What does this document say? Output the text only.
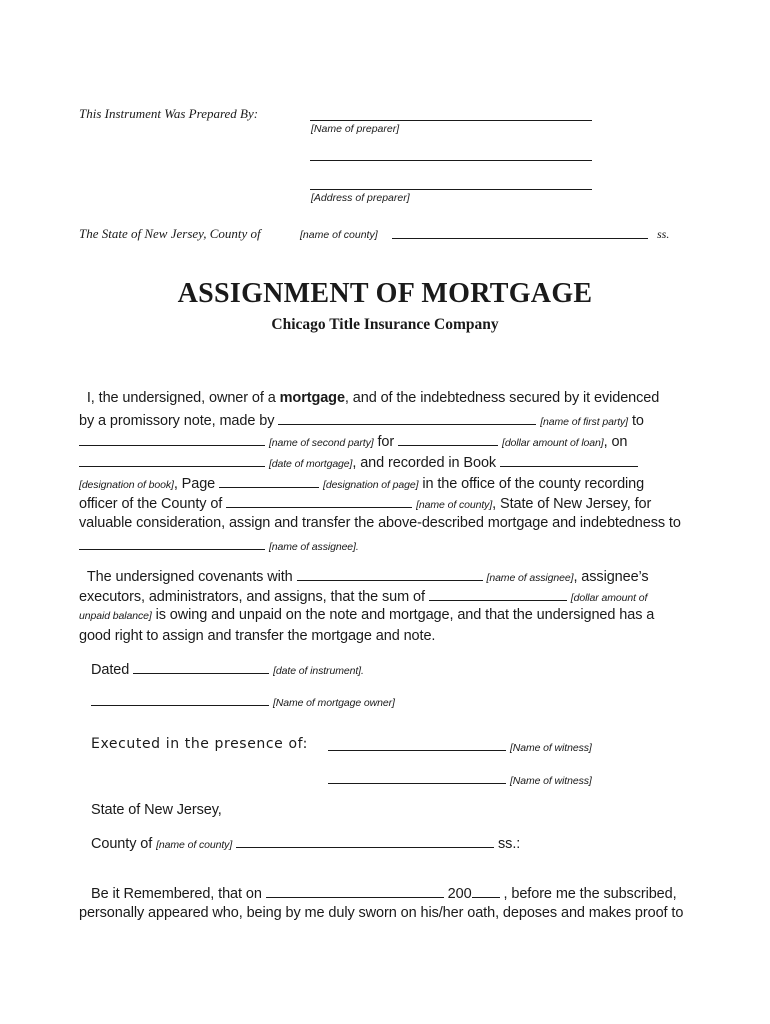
This Instrument Was Prepared By:
[Name of preparer]
[Address of preparer]
The State of New Jersey, County of	[name of county]	ss.
ASSIGNMENT OF MORTGAGE
Chicago Title Insurance Company
I, the undersigned, owner of a mortgage, and of the indebtedness secured by it evidenced
by a promissory note, made by	[name of first party] to
[name of second party] for	[dollar amount of loan], on
[date of mortgage], and recorded in Book
[designation of book], Page	[designation of page] in the office of the county recording
officer of the County of	[name of county], State of New Jersey, for
valuable consideration, assign and transfer the above-described mortgage and indebtedness to
[name of assignee].
The undersigned covenants with	[name of assignee], assignee’s
executors, administrators, and assigns, that the sum of	[dollar amount of
unpaid balance] is owing and unpaid on the note and mortgage, and that the undersigned has a
good right to assign and transfer the mortgage and note.
Dated	[date of instrument].
[Name of mortgage owner]
Executed in the presence of:	[Name of witness]
[Name of witness]
State of New Jersey,
County of [name of county]	ss.:
Be it Remembered, that on	200 , before me the subscribed,
personally appeared who, being by me duly sworn on his/her oath, deposes and makes proof to
